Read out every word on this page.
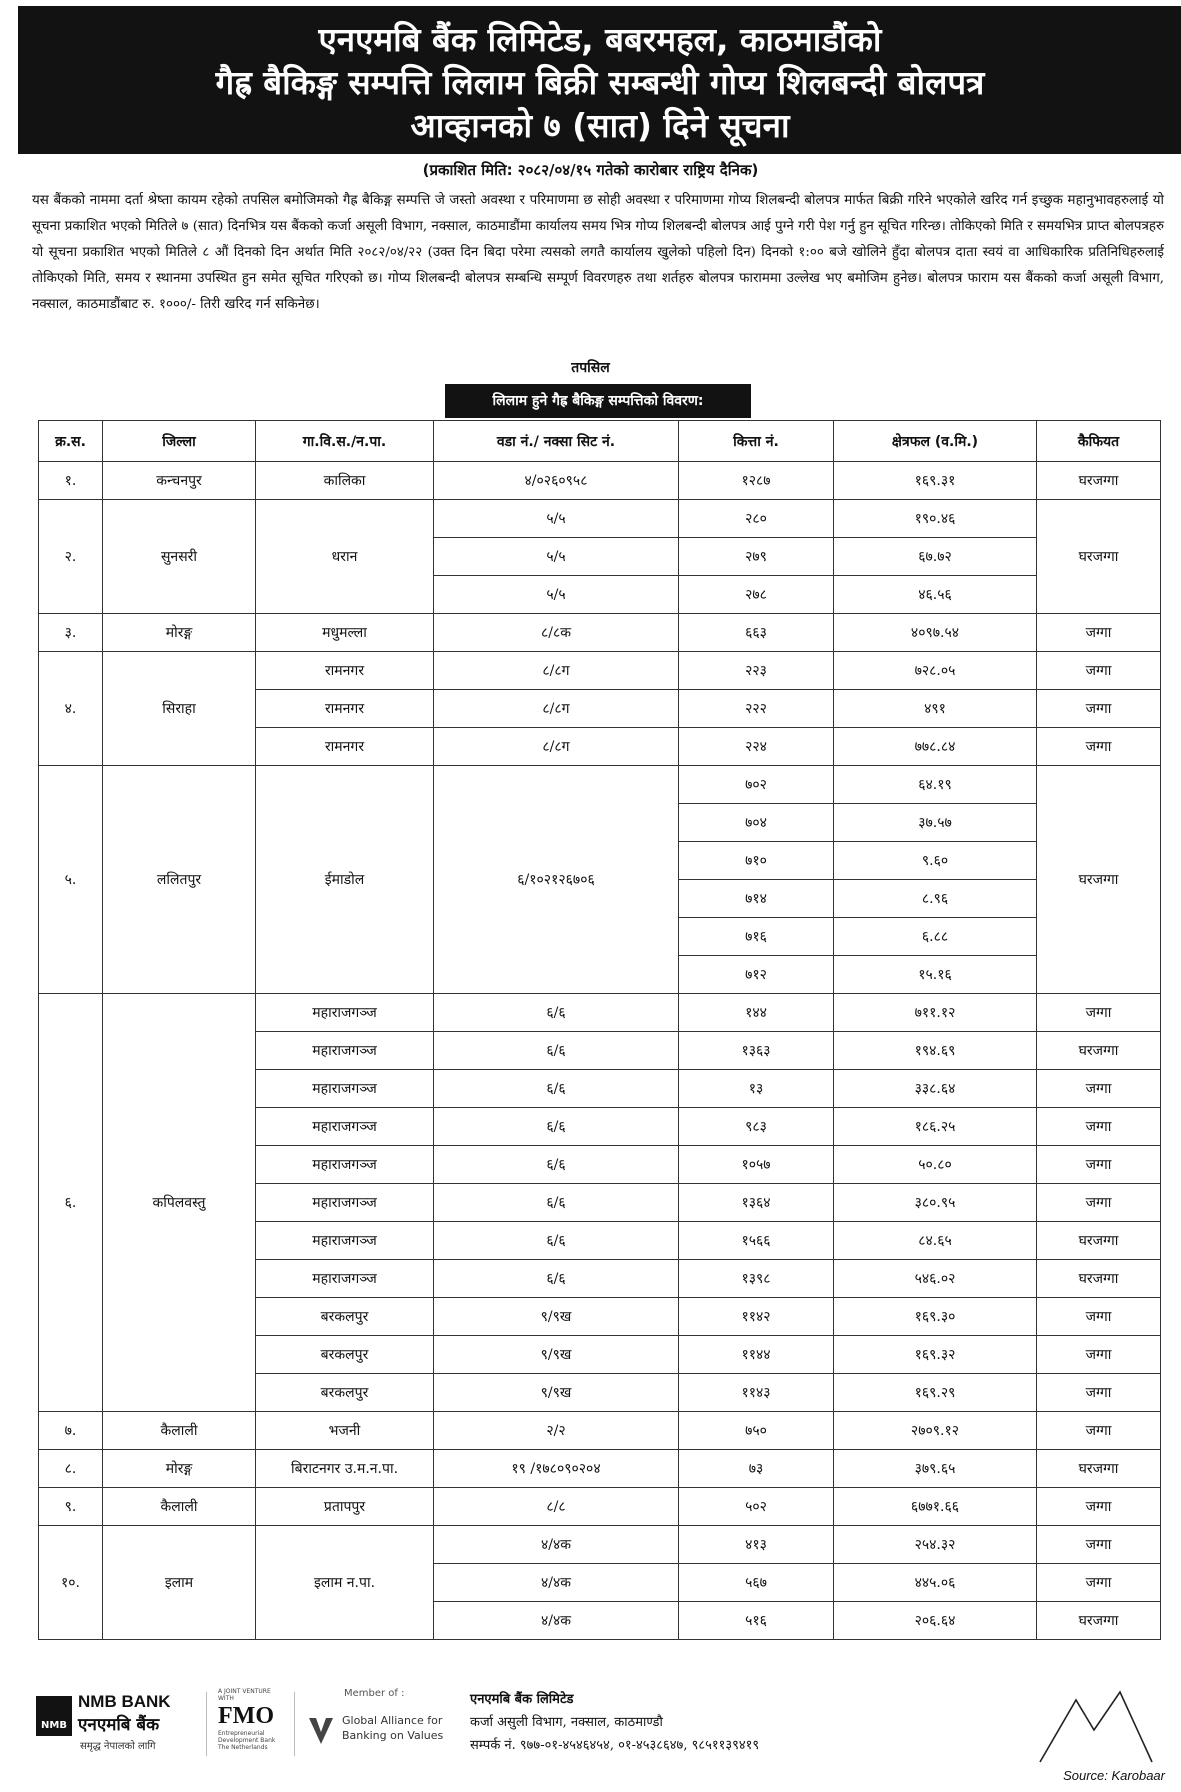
एनएमबि बैंक लिमिटेड, बबरमहल, काठमाडौंको
गैह्र बैकिङ्ग सम्पत्ति लिलाम बिक्री सम्बन्धी गोप्य शिलबन्दी बोलपत्र
आव्हानको ७ (सात) दिने सूचना
(प्रकाशित मिति: २०८२/०४/१५ गतेको कारोबार राष्ट्रिय दैनिक)
यस बैंकको नाममा दर्ता श्रेष्ता कायम रहेको तपसिल बमोजिमको गैह्र बैकिङ्ग सम्पत्ति जे जस्तो अवस्था र परिमाणमा छ सोही अवस्था र परिमाणमा गोप्य शिलबन्दी बोलपत्र मार्फत बिक्री गरिने भएकोले खरिद गर्न इच्छुक महानुभावहरुलाई यो सूचना प्रकाशित भएको मितिले ७ (सात) दिनभित्र यस बैंकको कर्जा असूली विभाग, नक्साल, काठमाडौंमा कार्यालय समय भित्र गोप्य शिलबन्दी बोलपत्र आई पुग्ने गरी पेश गर्नु हुन सूचित गरिन्छ। तोकिएको मिति र समयभित्र प्राप्त बोलपत्रहरु यो सूचना प्रकाशित भएको मितिले ८ औं दिनको दिन अर्थात मिति २०८२/०४/२२ (उक्त दिन बिदा परेमा त्यसको लगतै कार्यालय खुलेको पहिलो दिन) दिनको १:०० बजे खोलिने हुँदा बोलपत्र दाता स्वयं वा आधिकारिक प्रतिनिधिहरुलाई तोकिएको मिति, समय र स्थानमा उपस्थित हुन समेत सूचित गरिएको छ। गोप्य शिलबन्दी बोलपत्र सम्बन्धि सम्पूर्ण विवरणहरु तथा शर्तहरु बोलपत्र फाराममा उल्लेख भए बमोजिम हुनेछ। बोलपत्र फाराम यस बैंकको कर्जा असूली विभाग, नक्साल, काठमाडौंबाट रु. १०००/- तिरी खरिद गर्न सकिनेछ।
तपसिल
लिलाम हुने गैह्र बैकिङ्ग सम्पत्तिको विवरण:
क्र.स.	जिल्ला	गा.वि.स./न.पा.	वडा नं./ नक्सा सिट नं.	कित्ता नं.	क्षेत्रफल (व.मि.)	कैफियत
१.	कन्चनपुर	कालिका	४/०२६०९५८	१२८७	१६९.३१	घरजग्गा
२.	सुनसरी	धरान	५/५	२८०	१९०.४६	घरजग्गा
			५/५	२७९	६७.७२	
			५/५	२७८	४६.५६	
३.	मोरङ्ग	मधुमल्ला	८/८क	६६३	४०९७.५४	जग्गा
४.	सिराहा	रामनगर	८/८ग	२२३	७२८.०५	जग्गा
		रामनगर	८/८ग	२२२	४९१	जग्गा
		रामनगर	८/८ग	२२४	७७८.८४	जग्गा
५.	ललितपुर	ईमाडोल	६/१०२१२६७०६	७०२	६४.१९	घरजग्गा
				७०४	३७.५७	
				७१०	९.६०	
				७१४	८.९६	
				७१६	६.८८	
				७१२	१५.१६	
६.	कपिलवस्तु	महाराजगञ्ज	६/६	१४४	७११.१२	जग्गा
		महाराजगञ्ज	६/६	१३६३	१९४.६९	घरजग्गा
		महाराजगञ्ज	६/६	१३	३३८.६४	जग्गा
		महाराजगञ्ज	६/६	९८३	१८६.२५	जग्गा
		महाराजगञ्ज	६/६	१०५७	५०.८०	जग्गा
		महाराजगञ्ज	६/६	१३६४	३८०.९५	जग्गा
		महाराजगञ्ज	६/६	१५६६	८४.६५	घरजग्गा
		महाराजगञ्ज	६/६	१३९८	५४६.०२	घरजग्गा
		बरकलपुर	९/९ख	११४२	१६९.३०	जग्गा
		बरकलपुर	९/९ख	११४४	१६९.३२	जग्गा
		बरकलपुर	९/९ख	११४३	१६९.२९	जग्गा
७.	कैलाली	भजनी	२/२	७५०	२७०९.१२	जग्गा
८.	मोरङ्ग	बिराटनगर उ.म.न.पा.	१९ /१७८०९०२०४	७३	३७९.६५	घरजग्गा
९.	कैलाली	प्रतापपुर	८/८	५०२	६७७१.६६	जग्गा
१०.	इलाम	इलाम न.पा.	४/४क	४१३	२५४.३२	जग्गा
			४/४क	५६७	४४५.०६	जग्गा
			४/४क	५१६	२०६.६४	घरजग्गा
NMB
NMB BANK
एनएमबि बैंक
समृद्ध नेपालको लागि
A JOINT VENTURE WITH
FMO
Entrepreneurial Development Bank
The Netherlands
Member of :
Global Alliance for
Banking on Values
एनएमबि बैंक लिमिटेड
कर्जा असुली विभाग, नक्साल, काठमाण्डौ
सम्पर्क नं. ९७७-०१-४५४६४५४, ०१-४५३८६४७, ९८५११३९४१९
Source: Karobaar
